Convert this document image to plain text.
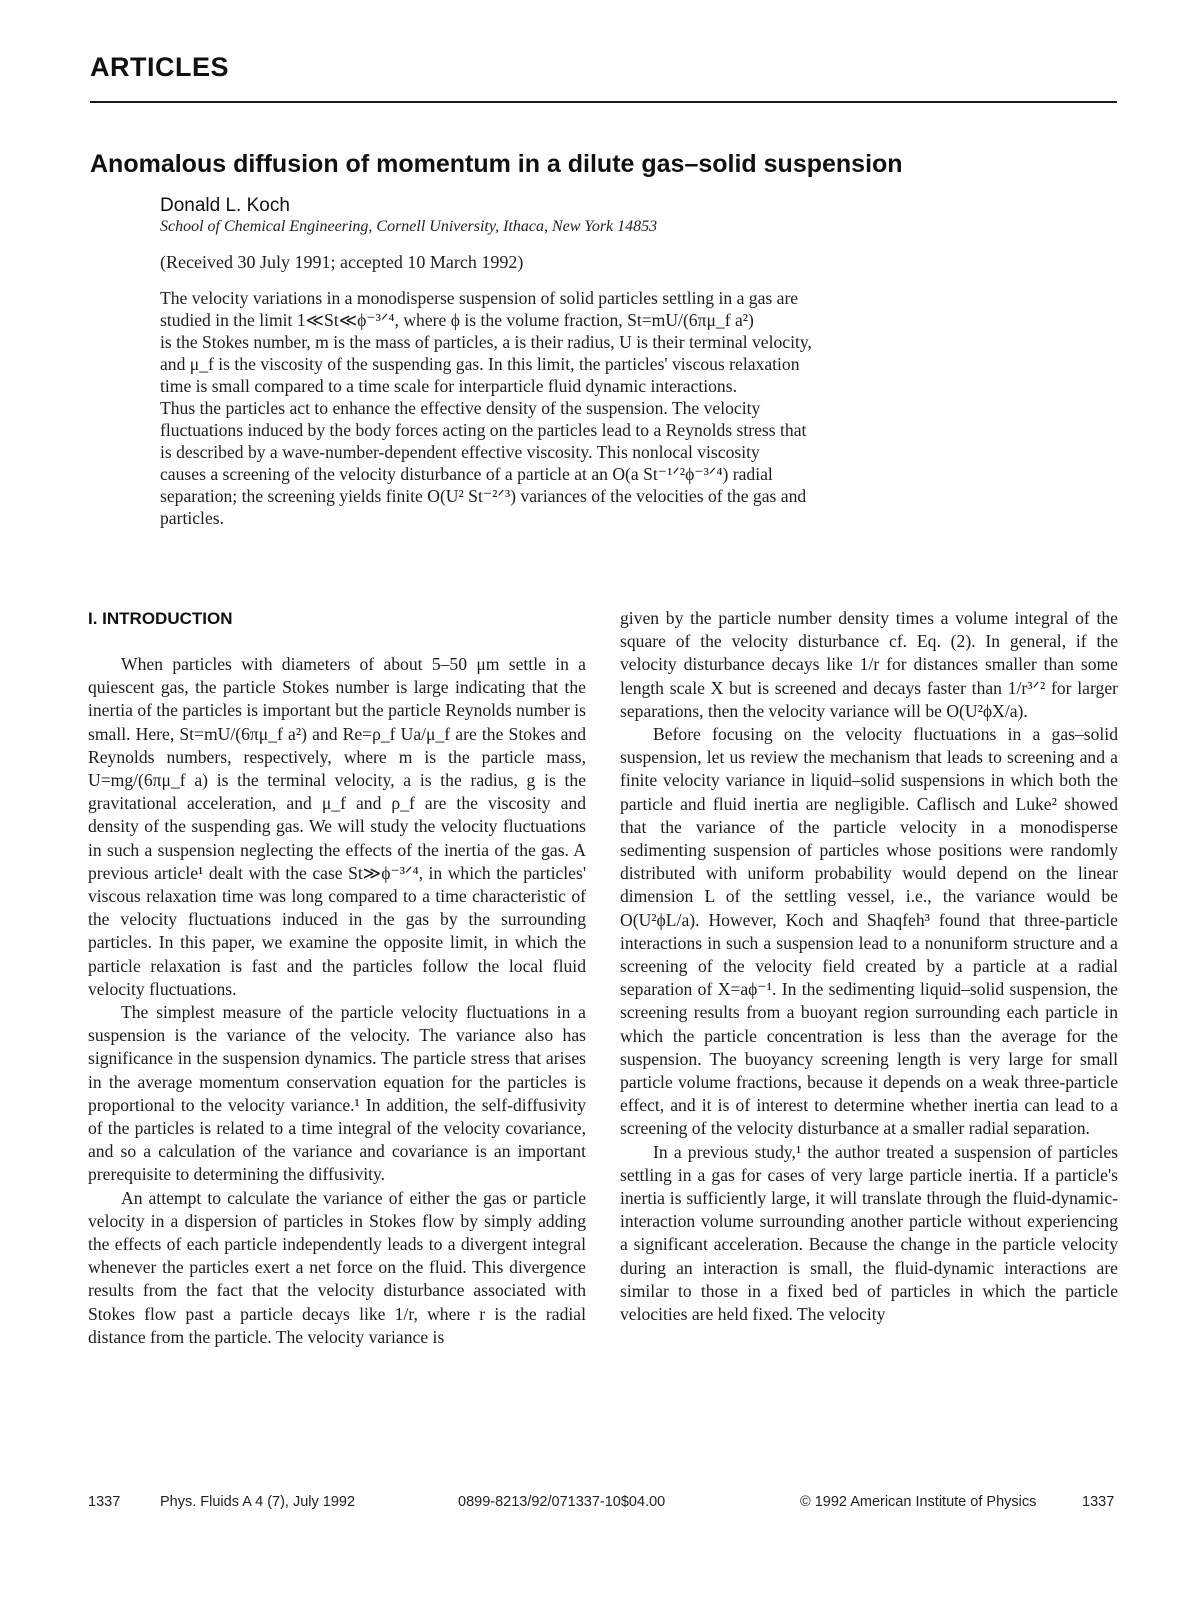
ARTICLES
Anomalous diffusion of momentum in a dilute gas–solid suspension
Donald L. Koch
School of Chemical Engineering, Cornell University, Ithaca, New York 14853
(Received 30 July 1991; accepted 10 March 1992)

The velocity variations in a monodisperse suspension of solid particles settling in a gas are

studied in the limit 1≪St≪ϕ⁻³ᐟ⁴, where ϕ is the volume fraction, St=mU/(6πμ_f a²)

is the Stokes number, m is the mass of particles, a is their radius, U is their terminal velocity,

and μ_f is the viscosity of the suspending gas. In this limit, the particles' viscous relaxation

time is small compared to a time scale for interparticle fluid dynamic interactions.

Thus the particles act to enhance the effective density of the suspension. The velocity

fluctuations induced by the body forces acting on the particles lead to a Reynolds stress that

is described by a wave-number-dependent effective viscosity. This nonlocal viscosity

causes a screening of the velocity disturbance of a particle at an O(a St⁻¹ᐟ²ϕ⁻³ᐟ⁴) radial

separation; the screening yields finite O(U² St⁻²ᐟ³) variances of the velocities of the gas and

particles.

I. INTRODUCTION

When particles with diameters of about 5–50 μm settle in a quiescent gas, the particle Stokes number is large indicating that the inertia of the particles is important but the particle Reynolds number is small. Here, St=mU/(6πμ_f a²) and Re=ρ_f Ua/μ_f are the Stokes and Reynolds numbers, respectively, where m is the particle mass, U=mg/(6πμ_f a) is the terminal velocity, a is the radius, g is the gravitational acceleration, and μ_f and ρ_f are the viscosity and density of the suspending gas. We will study the velocity fluctuations in such a suspension neglecting the effects of the inertia of the gas. A previous article¹ dealt with the case St≫ϕ⁻³ᐟ⁴, in which the particles' viscous relaxation time was long compared to a time characteristic of the velocity fluctuations induced in the gas by the surrounding particles. In this paper, we examine the opposite limit, in which the particle relaxation is fast and the particles follow the local fluid velocity fluctuations.

The simplest measure of the particle velocity fluctuations in a suspension is the variance of the velocity. The variance also has significance in the suspension dynamics. The particle stress that arises in the average momentum conservation equation for the particles is proportional to the velocity variance.¹ In addition, the self-diffusivity of the particles is related to a time integral of the velocity covariance, and so a calculation of the variance and covariance is an important prerequisite to determining the diffusivity.

An attempt to calculate the variance of either the gas or particle velocity in a dispersion of particles in Stokes flow by simply adding the effects of each particle independently leads to a divergent integral whenever the particles exert a net force on the fluid. This divergence results from the fact that the velocity disturbance associated with Stokes flow past a particle decays like 1/r, where r is the radial distance from the particle. The velocity variance is

given by the particle number density times a volume integral of the square of the velocity disturbance cf. Eq. (2). In general, if the velocity disturbance decays like 1/r for distances smaller than some length scale X but is screened and decays faster than 1/r³ᐟ² for larger separations, then the velocity variance will be O(U²ϕX/a).

Before focusing on the velocity fluctuations in a gas–solid suspension, let us review the mechanism that leads to screening and a finite velocity variance in liquid–solid suspensions in which both the particle and fluid inertia are negligible. Caflisch and Luke² showed that the variance of the particle velocity in a monodisperse sedimenting suspension of particles whose positions were randomly distributed with uniform probability would depend on the linear dimension L of the settling vessel, i.e., the variance would be O(U²ϕL/a). However, Koch and Shaqfeh³ found that three-particle interactions in such a suspension lead to a nonuniform structure and a screening of the velocity field created by a particle at a radial separation of X=aϕ⁻¹. In the sedimenting liquid–solid suspension, the screening results from a buoyant region surrounding each particle in which the particle concentration is less than the average for the suspension. The buoyancy screening length is very large for small particle volume fractions, because it depends on a weak three-particle effect, and it is of interest to determine whether inertia can lead to a screening of the velocity disturbance at a smaller radial separation.

In a previous study,¹ the author treated a suspension of particles settling in a gas for cases of very large particle inertia. If a particle's inertia is sufficiently large, it will translate through the fluid-dynamic-interaction volume surrounding another particle without experiencing a significant acceleration. Because the change in the particle velocity during an interaction is small, the fluid-dynamic interactions are similar to those in a fixed bed of particles in which the particle velocities are held fixed. The velocity

1337	Phys. Fluids A 4 (7), July 1992	0899-8213/92/071337-10$04.00	© 1992 American Institute of Physics	1337
